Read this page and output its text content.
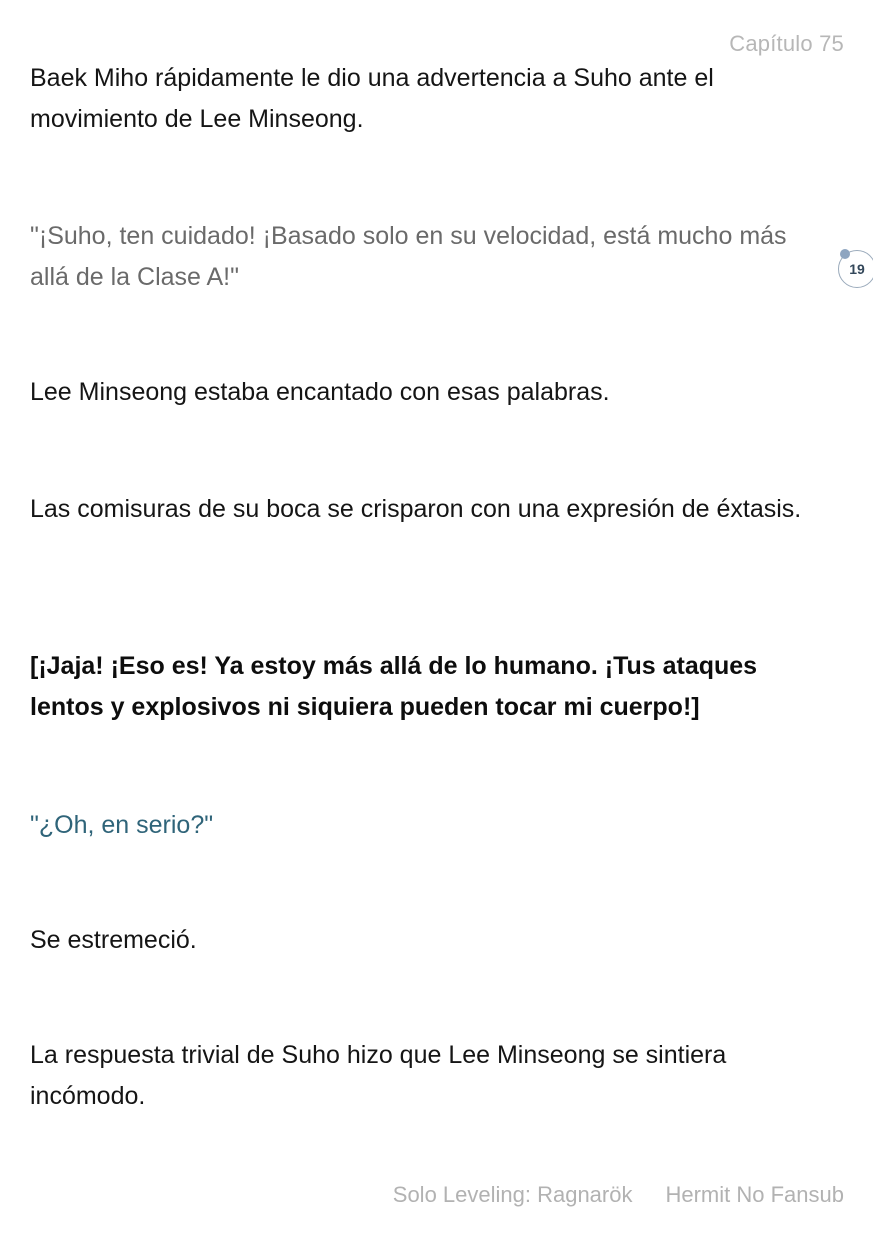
Capítulo 75
19

Baek Miho rápidamente le dio una advertencia a Suho ante el movimiento de Lee Minseong.

"¡Suho, ten cuidado! ¡Basado solo en su velocidad, está mucho más allá de la Clase A!"

Lee Minseong estaba encantado con esas palabras.

Las comisuras de su boca se crisparon con una expresión de éxtasis.

[¡Jaja! ¡Eso es! Ya estoy más allá de lo humano. ¡Tus ataques lentos y explosivos ni siquiera pueden tocar mi cuerpo!]

"¿Oh, en serio?"

Se estremeció.

La respuesta trivial de Suho hizo que Lee Minseong se sintiera incómodo.

Solo Leveling: Ragnarök Hermit No Fansub
